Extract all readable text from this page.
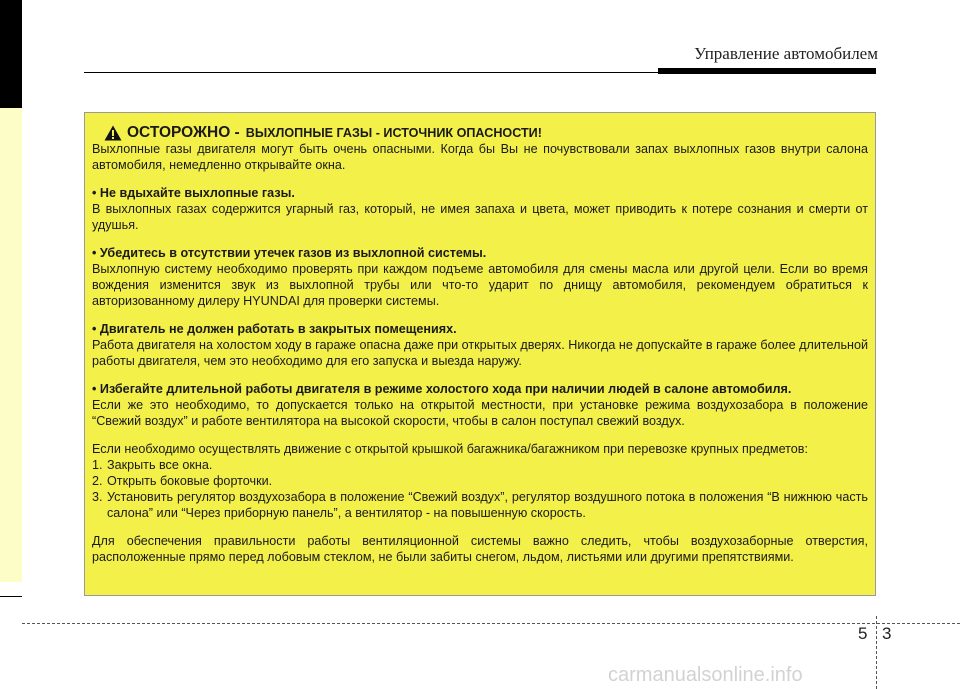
Управление автомобилем
ОСТОРОЖНО - ВЫХЛОПНЫЕ ГАЗЫ - ИСТОЧНИК ОПАСНОСТИ!
Выхлопные газы двигателя могут быть очень опасными. Когда бы Вы не почувствовали запах выхлопных газов внутри салона автомобиля, немедленно открывайте окна.
• Не вдыхайте выхлопные газы.
В выхлопных газах содержится угарный газ, который, не имея запаха и цвета, может приводить к потере сознания и смерти от удушья.
• Убедитесь в отсутствии утечек газов из выхлопной системы.
Выхлопную систему необходимо проверять при каждом подъеме автомобиля для смены масла или другой цели. Если во время вождения изменится звук из выхлопной трубы или что-то ударит по днищу автомобиля, рекомендуем обратиться к авторизованному дилеру HYUNDAI для проверки системы.
• Двигатель не должен работать в закрытых помещениях.
Работа двигателя на холостом ходу в гараже опасна даже при открытых дверях. Никогда не допускайте в гараже более длительной работы двигателя, чем это необходимо для его запуска и выезда наружу.
• Избегайте длительной работы двигателя в режиме холостого хода при наличии людей в салоне автомобиля.
Если же это необходимо, то допускается только на открытой местности, при установке режима воздухозабора в положение “Свежий воздух” и работе вентилятора на высокой скорости, чтобы в салон поступал свежий воздух.
Если необходимо осуществлять движение с открытой крышкой багажника/багажником при перевозке крупных предметов:
1. Закрыть все окна.
2. Открыть боковые форточки.
3. Установить регулятор воздухозабора в положение “Свежий воздух”, регулятор воздушного потока в положения “В нижнюю часть салона” или “Через приборную панель”, а вентилятор - на повышенную скорость.
Для обеспечения правильности работы вентиляционной системы важно следить, чтобы воздухозаборные отверстия, расположенные прямо перед лобовым стеклом, не были забиты снегом, льдом, листьями или другими препятствиями.
5 3
carmanualsonline.info
